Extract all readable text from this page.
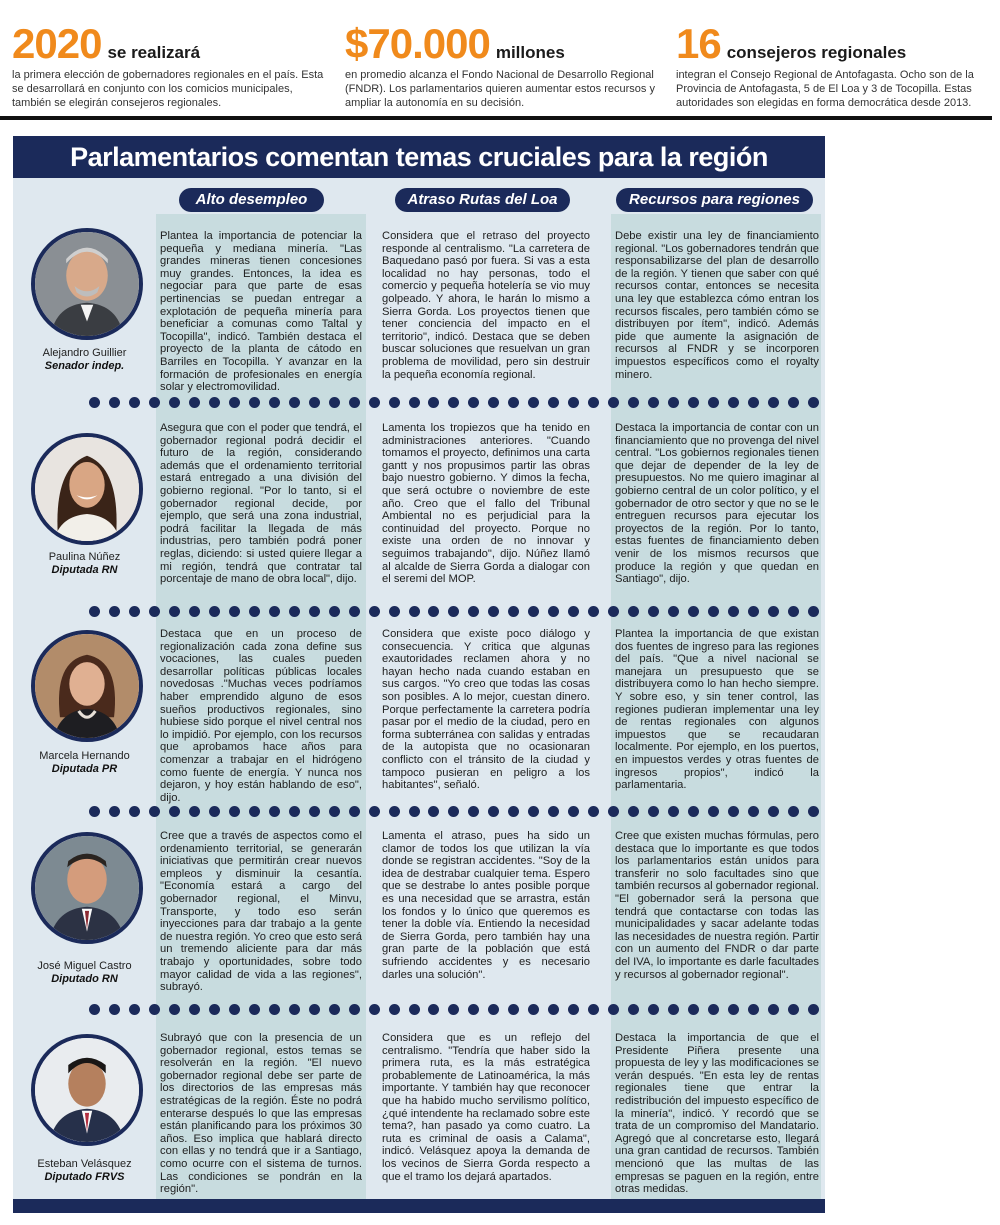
2020 se realizará

la primera elección de gobernadores regionales en el país. Esta se desarrollará en conjunto con los comicios municipales, también se elegirán consejeros regionales.

$70.000 millones

en promedio alcanza el Fondo Nacional de Desarrollo Regional (FNDR). Los parlamentarios quieren aumentar estos recursos y ampliar la autonomía en su decisión.

16 consejeros regionales

integran el Consejo Regional de Antofagasta. Ocho son de la Provincia de Antofagasta, 5 de El Loa y 3 de Tocopilla. Estas autoridades son elegidas en forma democrática desde 2013.

Parlamentarios comentan temas cruciales para la región
Alto desempleo	Atraso Rutas del Loa	Recursos para regiones
Alejandro Guillier
Senador indep.

Plantea la importancia de potenciar la pequeña y mediana minería. "Las grandes mineras tienen concesiones muy grandes. Entonces, la idea es negociar para que parte de esas pertinencias se puedan entregar a explotación de pequeña minería para beneficiar a comunas como Taltal y Tocopilla", indicó. También destaca el proyecto de la planta de cátodo en Barriles en Tocopilla. Y avanzar en la formación de profesionales en energía solar y electromovilidad.

Considera que el retraso del proyecto responde al centralismo. "La carretera de Baquedano pasó por fuera. Si vas a esta localidad no hay personas, todo el comercio y pequeña hotelería se vio muy golpeado. Y ahora, le harán lo mismo a Sierra Gorda. Los proyectos tienen que tener conciencia del impacto en el territorio", indicó. Destaca que se deben buscar soluciones que resuelvan un gran problema de movilidad, pero sin destruir la pequeña economía regional.

Debe existir una ley de financiamiento regional. "Los gobernadores tendrán que responsabilizarse del plan de desarrollo de la región. Y tienen que saber con qué recursos contar, entonces se necesita una ley que establezca cómo entran los recursos fiscales, pero también cómo se distribuyen por ítem", indicó. Además pide que aumente la asignación de recursos al FNDR y se incorporen impuestos específicos como el royalty minero.

Paulina Núñez
Diputada RN

Asegura que con el poder que tendrá, el gobernador regional podrá decidir el futuro de la región, considerando además que el ordenamiento territorial estará entregado a una división del gobierno regional. "Por lo tanto, si el gobernador regional decide, por ejemplo, que será una zona industrial, podrá facilitar la llegada de más industrias, pero también podrá poner reglas, diciendo: si usted quiere llegar a mi región, tendrá que contratar tal porcentaje de mano de obra local", dijo.

Lamenta los tropiezos que ha tenido en administraciones anteriores. "Cuando tomamos el proyecto, definimos una carta gantt y nos propusimos partir las obras bajo nuestro gobierno. Y dimos la fecha, que será octubre o noviembre de este año. Creo que el fallo del Tribunal Ambiental no es perjudicial para la continuidad del proyecto. Porque no existe una orden de no innovar y seguimos trabajando", dijo. Núñez llamó al alcalde de Sierra Gorda a dialogar con el seremi del MOP.

Destaca la importancia de contar con un financiamiento que no provenga del nivel central. "Los gobiernos regionales tienen que dejar de depender de la ley de presupuestos. No me quiero imaginar al gobierno central de un color político, y el gobernador de otro sector y que no se le entreguen recursos para ejecutar los proyectos de la región. Por lo tanto, estas fuentes de financiamiento deben venir de los mismos recursos que produce la región y que quedan en Santiago", dijo.

Marcela Hernando
Diputada PR

Destaca que en un proceso de regionalización cada zona define sus vocaciones, las cuales pueden desarrollar políticas públicas locales novedosas ."Muchas veces podríamos haber emprendido alguno de esos sueños productivos regionales, sino hubiese sido porque el nivel central nos lo impidió. Por ejemplo, con los recursos que aprobamos hace años para comenzar a trabajar en el hidrógeno como fuente de energía. Y nunca nos dejaron, y hoy están hablando de eso", dijo.

Considera que existe poco diálogo y consecuencia. Y critica que algunas exautoridades reclamen ahora y no hayan hecho nada cuando estaban en sus cargos. "Yo creo que todas las cosas son posibles. A lo mejor, cuestan dinero. Porque perfectamente la carretera podría pasar por el medio de la ciudad, pero en forma subterránea con salidas y entradas de la autopista que no ocasionaran conflicto con el tránsito de la ciudad y tampoco pusieran en peligro a los habitantes", señaló.

Plantea la importancia de que existan dos fuentes de ingreso para las regiones del país. "Que a nivel nacional se manejara un presupuesto que se distribuyera como lo han hecho siempre. Y sobre eso, y sin tener control, las regiones pudieran implementar una ley de rentas regionales con algunos impuestos que se recaudaran localmente. Por ejemplo, en los puertos, en impuestos verdes y otras fuentes de ingresos propios", indicó la parlamentaria.

José Miguel Castro
Diputado RN

Cree que a través de aspectos como el ordenamiento territorial, se generarán iniciativas que permitirán crear nuevos empleos y disminuir la cesantía. "Economía estará a cargo del gobernador regional, el Minvu, Transporte, y todo eso serán inyecciones para dar trabajo a la gente de nuestra región. Yo creo que esto será un tremendo aliciente para dar más trabajo y oportunidades, sobre todo mayor calidad de vida a las regiones", subrayó.

Lamenta el atraso, pues ha sido un clamor de todos los que utilizan la vía donde se registran accidentes. "Soy de la idea de destrabar cualquier tema. Espero que se destrabe lo antes posible porque es una necesidad que se arrastra, están los fondos y lo único que queremos es tener la doble vía. Entiendo la necesidad de Sierra Gorda, pero también hay una gran parte de la población que está sufriendo accidentes y es necesario darles una solución".

Cree que existen muchas fórmulas, pero destaca que lo importante es que todos los parlamentarios están unidos para transferir no solo facultades sino que también recursos al gobernador regional. "El gobernador será la persona que tendrá que contactarse con todas las municipalidades y sacar adelante todas las necesidades de nuestra región. Partir con un aumento del FNDR o dar parte del IVA, lo importante es darle facultades y recursos al gobernador regional".

Esteban Velásquez
Diputado FRVS

Subrayó que con la presencia de un gobernador regional, estos temas se resolverán en la región. "El nuevo gobernador regional debe ser parte de los directorios de las empresas más estratégicas de la región. Éste no podrá enterarse después lo que las empresas están planificando para los próximos 30 años. Eso implica que hablará directo con ellas y no tendrá que ir a Santiago, como ocurre con el sistema de turnos. Las condiciones se pondrán en la región".

Considera que es un reflejo del centralismo. "Tendría que haber sido la primera ruta, es la más estratégica probablemente de Latinoamérica, la más importante. Y también hay que reconocer que ha habido mucho servilismo político, ¿qué intendente ha reclamado sobre este tema?, han pasado ya como cuatro. La ruta es criminal de oasis a Calama", indicó. Velásquez apoya la demanda de los vecinos de Sierra Gorda respecto a que el tramo los dejará apartados.

Destaca la importancia de que el Presidente Piñera presente una propuesta de ley y las modificaciones se verán después. "En esta ley de rentas regionales tiene que entrar la redistribución del impuesto específico de la minería", indicó. Y recordó que se trata de un compromiso del Mandatario. Agregó que al concretarse esto, llegará una gran cantidad de recursos. También mencionó que las multas de las empresas se paguen en la región, entre otras medidas.
